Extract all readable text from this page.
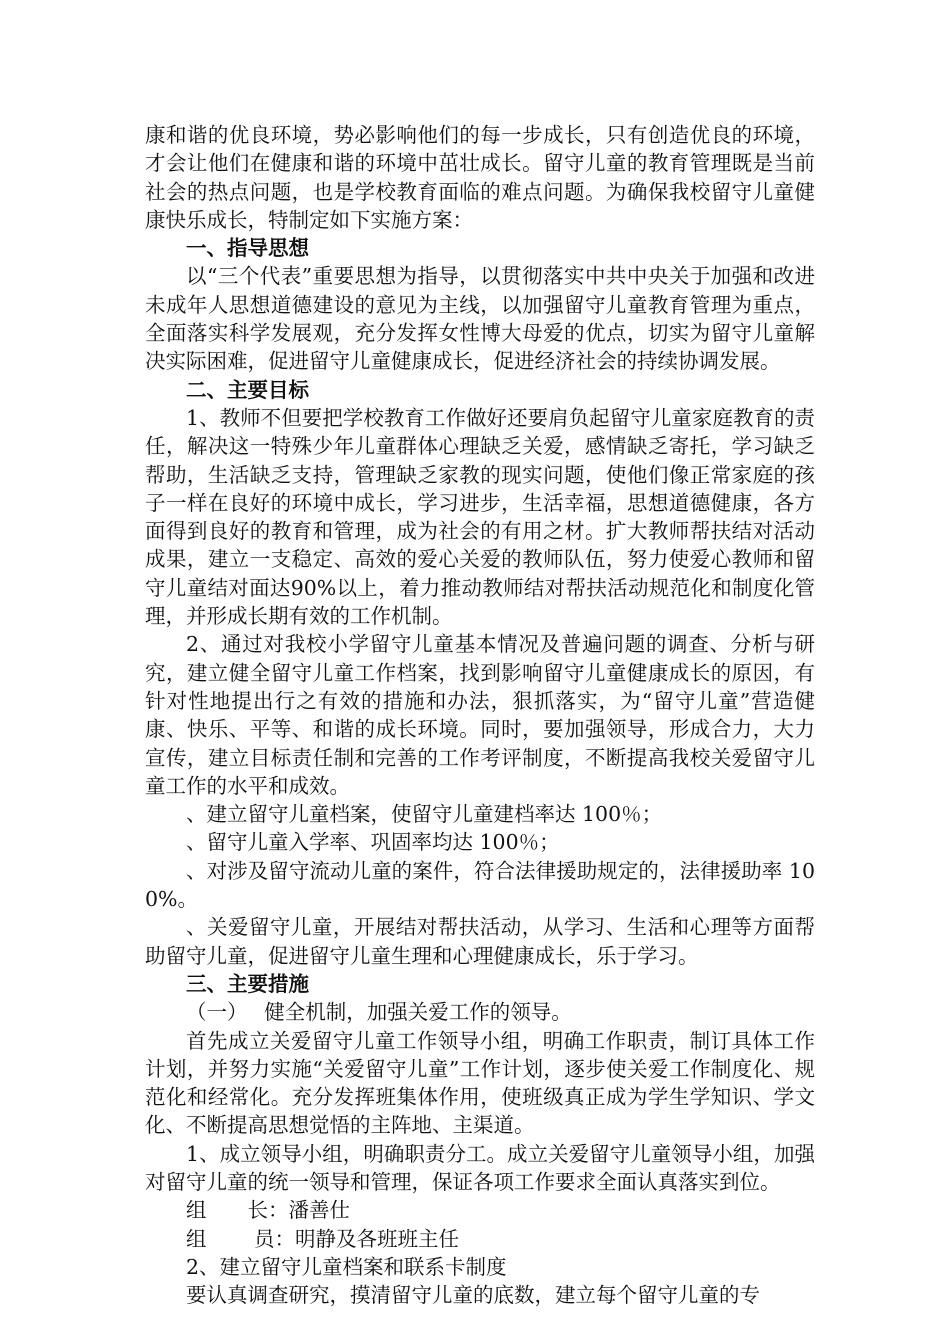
康和谐的优良环境，势必影响他们的每一步成长，只有创造优良的环境，才会让他们在健康和谐的环境中茁壮成长。留守儿童的教育管理既是当前社会的热点问题，也是学校教育面临的难点问题。为确保我校留守儿童健康快乐成长，特制定如下实施方案：

一、指导思想

以“三个代表”重要思想为指导，以贯彻落实中共中央关于加强和改进未成年人思想道德建设的意见为主线，以加强留守儿童教育管理为重点，全面落实科学发展观，充分发挥女性博大母爱的优点，切实为留守儿童解决实际困难，促进留守儿童健康成长，促进经济社会的持续协调发展。

二、主要目标

1、教师不但要把学校教育工作做好还要肩负起留守儿童家庭教育的责任，解决这一特殊少年儿童群体心理缺乏关爱，感情缺乏寄托，学习缺乏帮助，生活缺乏支持，管理缺乏家教的现实问题，使他们像正常家庭的孩子一样在良好的环境中成长，学习进步，生活幸福，思想道德健康，各方面得到良好的教育和管理，成为社会的有用之材。扩大教师帮扶结对活动成果，建立一支稳定、高效的爱心关爱的教师队伍，努力使爱心教师和留守儿童结对面达90%以上，着力推动教师结对帮扶活动规范化和制度化管理，并形成长期有效的工作机制。

2、通过对我校小学留守儿童基本情况及普遍问题的调查、分析与研究，建立健全留守儿童工作档案，找到影响留守儿童健康成长的原因，有针对性地提出行之有效的措施和办法，狠抓落实，为“留守儿童”营造健康、快乐、平等、和谐的成长环境。同时，要加强领导，形成合力，大力宣传，建立目标责任制和完善的工作考评制度，不断提高我校关爱留守儿童工作的水平和成效。

、建立留守儿童档案，使留守儿童建档率达 100％；

、留守儿童入学率、巩固率均达 100％；

、对涉及留守流动儿童的案件，符合法律援助规定的，法律援助率 100%。

、关爱留守儿童，开展结对帮扶活动，从学习、生活和心理等方面帮助留守儿童，促进留守儿童生理和心理健康成长，乐于学习。

三、主要措施

（一）　 健全机制，加强关爱工作的领导。

首先成立关爱留守儿童工作领导小组，明确工作职责，制订具体工作计划，并努力实施“关爱留守儿童”工作计划，逐步使关爱工作制度化、规范化和经常化。充分发挥班集体作用，使班级真正成为学生学知识、学文化、不断提高思想觉悟的主阵地、主渠道。

1、成立领导小组，明确职责分工。成立关爱留守儿童领导小组，加强对留守儿童的统一领导和管理，保证各项工作要求全面认真落实到位。

组　　长：潘善仕

组　　 员：明静及各班班主任

2、建立留守儿童档案和联系卡制度

要认真调查研究，摸清留守儿童的底数，建立每个留守儿童的专
